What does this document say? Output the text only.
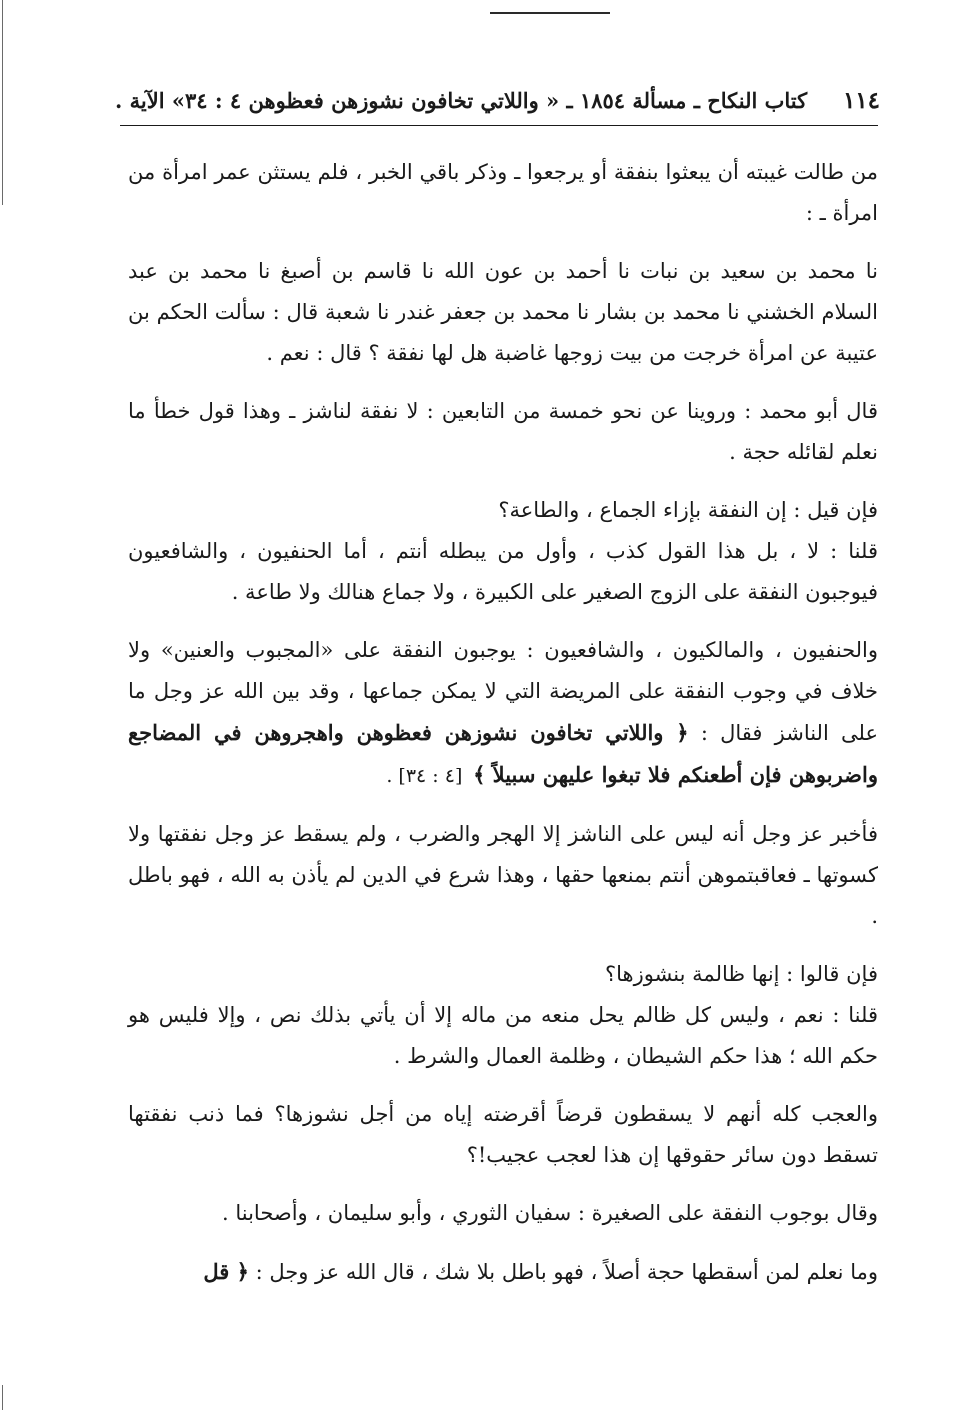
١١٤
كتاب النكاح ـ مسألة ١٨٥٤ ـ « واللاتي تخافون نشوزهن فعظوهن ٤ : ٣٤» الآية .

من طالت غيبته أن يبعثوا بنفقة أو يرجعوا ـ وذكر باقي الخبر ، فلم يستثن عمر امرأة من امرأة ـ :

نا محمد بن سعيد بن نبات نا أحمد بن عون الله نا قاسم بن أصبغ نا محمد بن عبد السلام الخشني نا محمد بن بشار نا محمد بن جعفر غندر نا شعبة قال : سألت الحكم بن عتيبة عن امرأة خرجت من بيت زوجها غاضبة هل لها نفقة ؟ قال : نعم .

قال أبو محمد : وروينا عن نحو خمسة من التابعين : لا نفقة لناشز ـ وهذا قول خطأ ما نعلم لقائله حجة .

فإن قيل : إن النفقة بإزاء الجماع ، والطاعة؟

قلنا : لا ، بل هذا القول كذب ، وأول من يبطله أنتم ، أما الحنفيون ، والشافعيون فيوجبون النفقة على الزوج الصغير على الكبيرة ، ولا جماع هنالك ولا طاعة .

والحنفيون ، والمالكيون ، والشافعيون : يوجبون النفقة على «المجبوب والعنين» ولا خلاف في وجوب النفقة على المريضة التي لا يمكن جماعها ، وقد بين الله عز وجل ما على الناشز فقال : ﴿ واللاتي تخافون نشوزهن فعظوهن واهجروهن في المضاجع واضربوهن فإن أطعنكم فلا تبغوا عليهن سبيلاً ﴾ [٤ : ٣٤] .

فأخبر عز وجل أنه ليس على الناشز إلا الهجر والضرب ، ولم يسقط عز وجل نفقتها ولا كسوتها ـ فعاقبتموهن أنتم بمنعها حقها ، وهذا شرع في الدين لم يأذن به الله ، فهو باطل .

فإن قالوا : إنها ظالمة بنشوزها؟

قلنا : نعم ، وليس كل ظالم يحل منعه من ماله إلا أن يأتي بذلك نص ، وإلا فليس هو حكم الله ؛ هذا حكم الشيطان ، وظلمة العمال والشرط .

والعجب كله أنهم لا يسقطون قرضاً أقرضته إياه من أجل نشوزها؟ فما ذنب نفقتها تسقط دون سائر حقوقها إن هذا لعجب عجيب!؟

وقال بوجوب النفقة على الصغيرة : سفيان الثوري ، وأبو سليمان ، وأصحابنا .

وما نعلم لمن أسقطها حجة أصلاً ، فهو باطل بلا شك ، قال الله عز وجل : ﴿ قل
